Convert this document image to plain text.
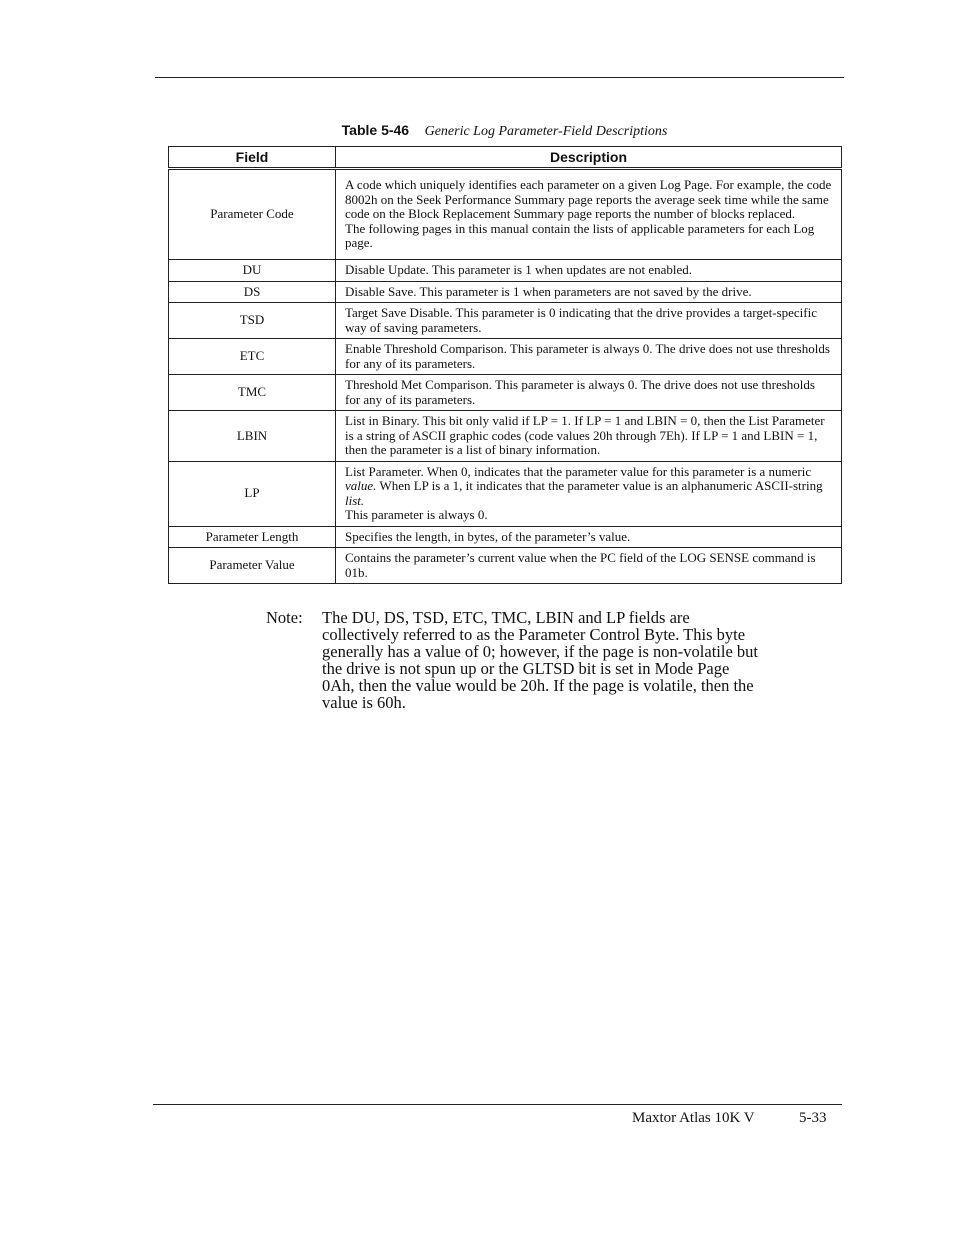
Table 5-46 Generic Log Parameter-Field Descriptions
Field	Description
Parameter Code	A code which uniquely identifies each parameter on a given Log Page. For example, the code 8002h on the Seek Performance Summary page reports the average seek time while the same code on the Block Replacement Summary page reports the number of blocks replaced.
The following pages in this manual contain the lists of applicable parameters for each Log page.

DU	Disable Update. This parameter is 1 when updates are not enabled.
DS	Disable Save. This parameter is 1 when parameters are not saved by the drive.
TSD	Target Save Disable. This parameter is 0 indicating that the drive provides a target-specific way of saving parameters.
ETC	Enable Threshold Comparison. This parameter is always 0. The drive does not use thresholds for any of its parameters.
TMC	Threshold Met Comparison. This parameter is always 0. The drive does not use thresholds for any of its parameters.
LBIN	List in Binary. This bit only valid if LP = 1. If LP = 1 and LBIN = 0, then the List Parameter is a string of ASCII graphic codes (code values 20h through 7Eh). If LP = 1 and LBIN = 1, then the parameter is a list of binary information.
LP	List Parameter. When 0, indicates that the parameter value for this parameter is a numeric value. When LP is a 1, it indicates that the parameter value is an alphanumeric ASCII-string list.
This parameter is always 0.

Parameter Length	Specifies the length, in bytes, of the parameter’s value.
Parameter Value	Contains the parameter’s current value when the PC field of the LOG SENSE command is 01b.
Note: The DU, DS, TSD, ETC, TMC, LBIN and LP fields are collectively referred to as the Parameter Control Byte. This byte generally has a value of 0; however, if the page is non-volatile but the drive is not spun up or the GLTSD bit is set in Mode Page 0Ah, then the value would be 20h. If the page is volatile, then the value is 60h.
Maxtor Atlas 10K V	5-33
